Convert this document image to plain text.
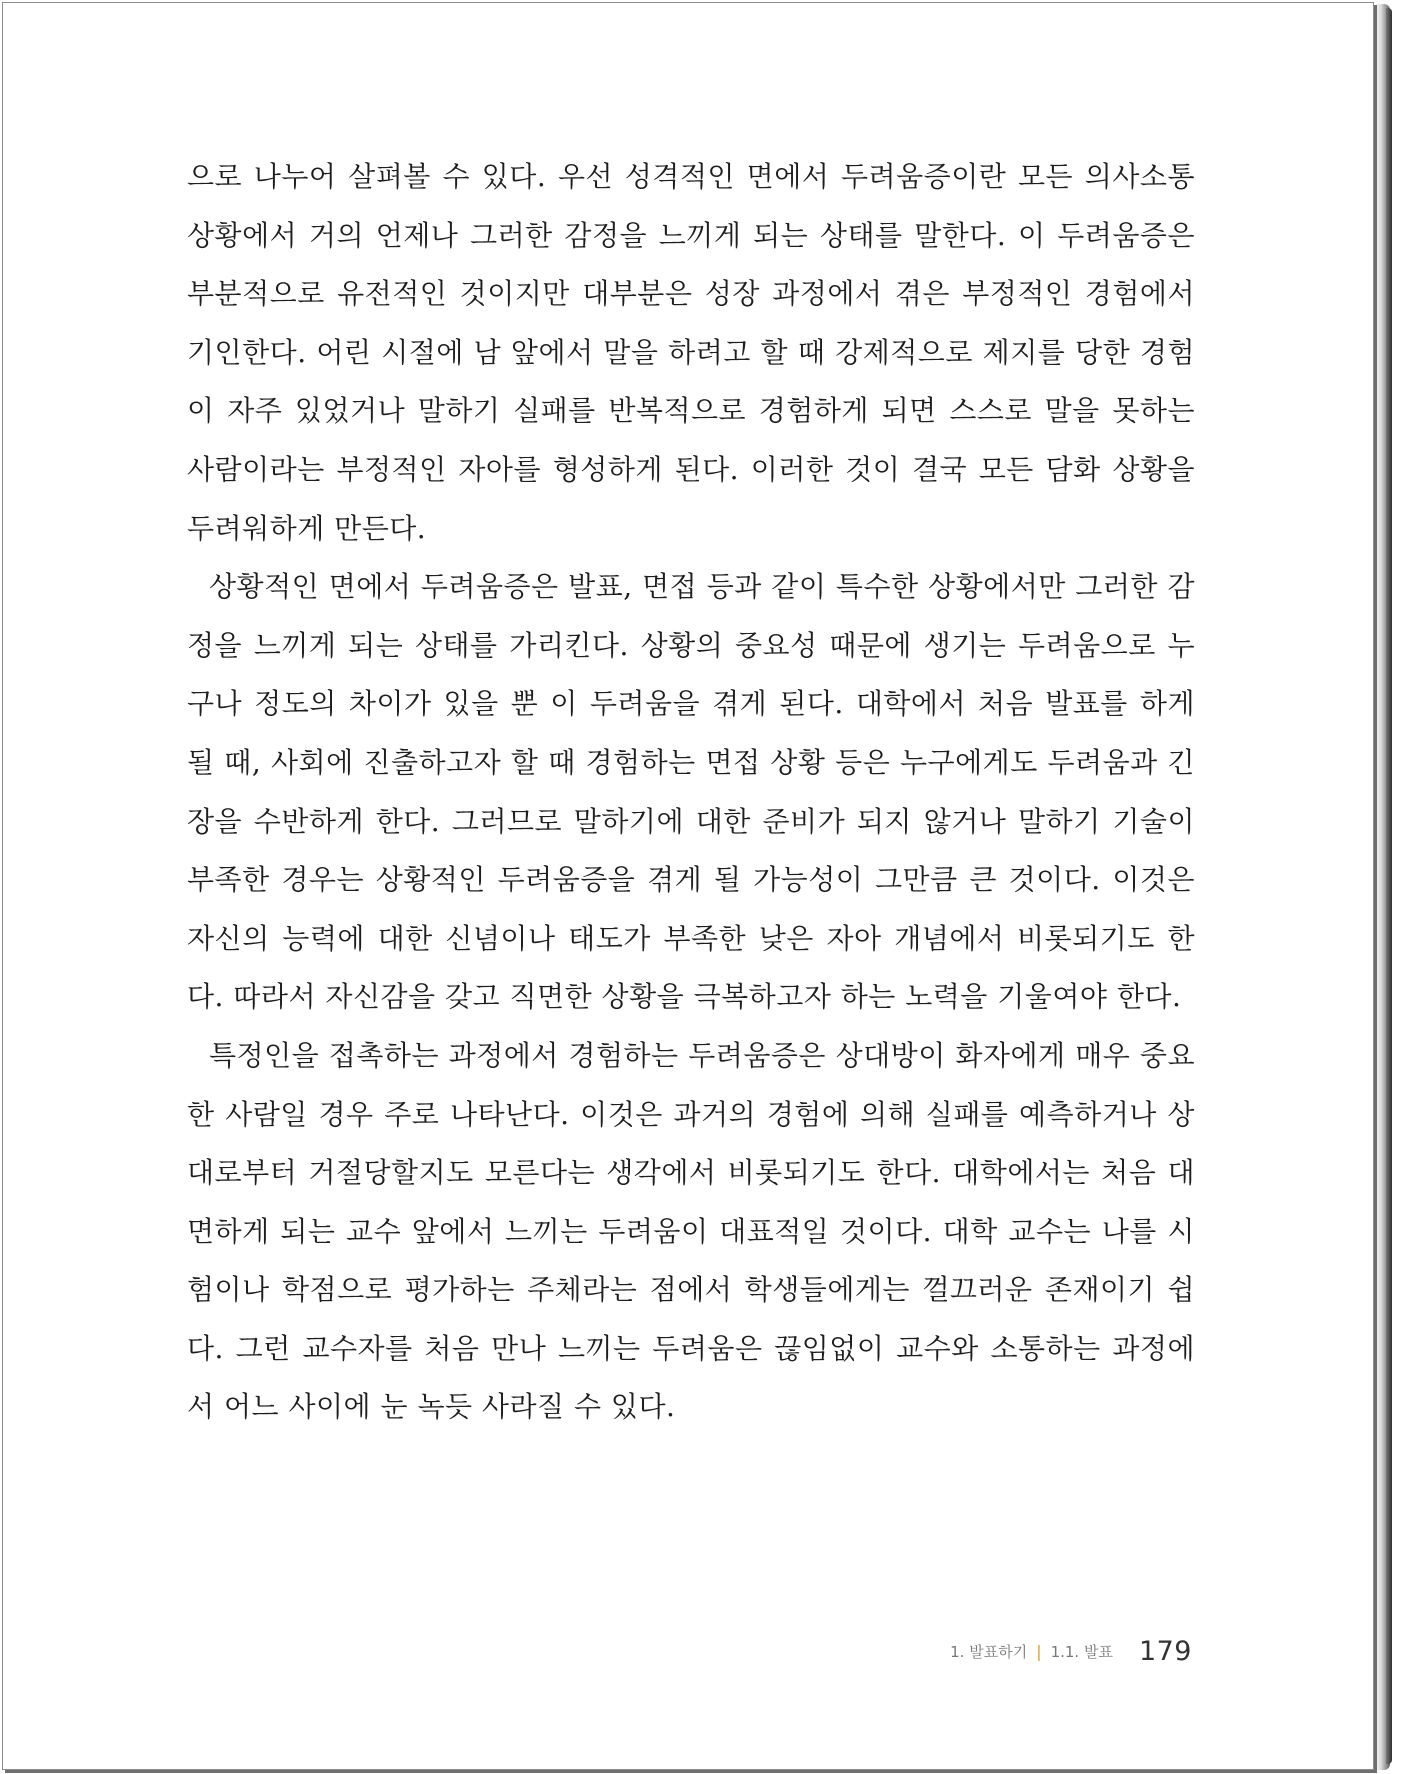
으로 나누어 살펴볼 수 있다. 우선 성격적인 면에서 두려움증이란 모든 의사소통 상황에서 거의 언제나 그러한 감정을 느끼게 되는 상태를 말한다. 이 두려움증은 부분적으로 유전적인 것이지만 대부분은 성장 과정에서 겪은 부정적인 경험에서 기인한다. 어린 시절에 남 앞에서 말을 하려고 할 때 강제적으로 제지를 당한 경험이 자주 있었거나 말하기 실패를 반복적으로 경험하게 되면 스스로 말을 못하는 사람이라는 부정적인 자아를 형성하게 된다. 이러한 것이 결국 모든 담화 상황을 두려워하게 만든다.

상황적인 면에서 두려움증은 발표, 면접 등과 같이 특수한 상황에서만 그러한 감정을 느끼게 되는 상태를 가리킨다. 상황의 중요성 때문에 생기는 두려움으로 누구나 정도의 차이가 있을 뿐 이 두려움을 겪게 된다. 대학에서 처음 발표를 하게 될 때, 사회에 진출하고자 할 때 경험하는 면접 상황 등은 누구에게도 두려움과 긴장을 수반하게 한다. 그러므로 말하기에 대한 준비가 되지 않거나 말하기 기술이 부족한 경우는 상황적인 두려움증을 겪게 될 가능성이 그만큼 큰 것이다. 이것은 자신의 능력에 대한 신념이나 태도가 부족한 낮은 자아 개념에서 비롯되기도 한다. 따라서 자신감을 갖고 직면한 상황을 극복하고자 하는 노력을 기울여야 한다.

특정인을 접촉하는 과정에서 경험하는 두려움증은 상대방이 화자에게 매우 중요한 사람일 경우 주로 나타난다. 이것은 과거의 경험에 의해 실패를 예측하거나 상대로부터 거절당할지도 모른다는 생각에서 비롯되기도 한다. 대학에서는 처음 대면하게 되는 교수 앞에서 느끼는 두려움이 대표적일 것이다. 대학 교수는 나를 시험이나 학점으로 평가하는 주체라는 점에서 학생들에게는 껄끄러운 존재이기 쉽다. 그런 교수자를 처음 만나 느끼는 두려움은 끊임없이 교수와 소통하는 과정에서 어느 사이에 눈 녹듯 사라질 수 있다.

1. 발표하기 | 1.1. 발표 179
